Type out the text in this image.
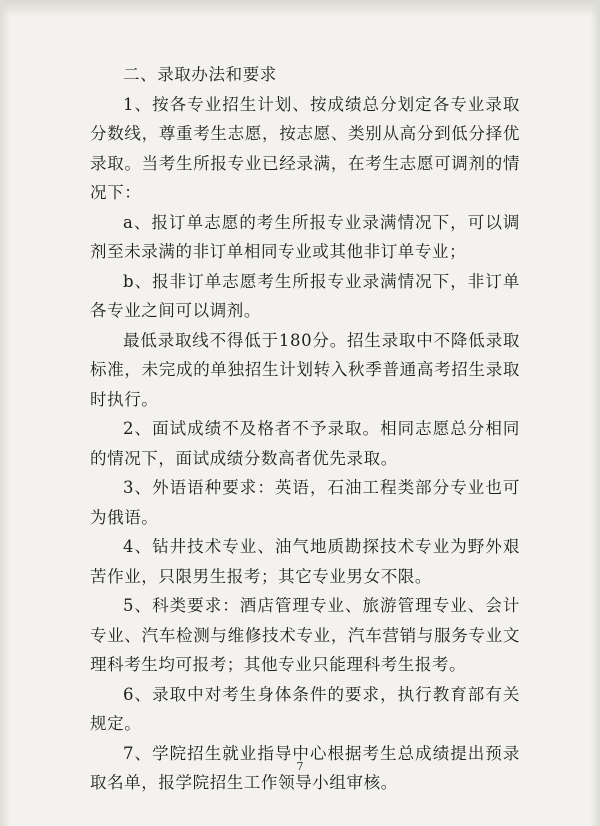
二、录取办法和要求

1、按各专业招生计划、按成绩总分划定各专业录取分数线，尊重考生志愿，按志愿、类别从高分到低分择优录取。当考生所报专业已经录满，在考生志愿可调剂的情况下：

a、报订单志愿的考生所报专业录满情况下，可以调剂至未录满的非订单相同专业或其他非订单专业；

b、报非订单志愿考生所报专业录满情况下，非订单各专业之间可以调剂。

最低录取线不得低于180分。招生录取中不降低录取标准，未完成的单独招生计划转入秋季普通高考招生录取时执行。

2、面试成绩不及格者不予录取。相同志愿总分相同的情况下，面试成绩分数高者优先录取。

3、外语语种要求：英语，石油工程类部分专业也可为俄语。

4、钻井技术专业、油气地质勘探技术专业为野外艰苦作业，只限男生报考；其它专业男女不限。

5、科类要求：酒店管理专业、旅游管理专业、会计专业、汽车检测与维修技术专业，汽车营销与服务专业文理科考生均可报考；其他专业只能理科考生报考。

6、录取中对考生身体条件的要求，执行教育部有关规定。

7、学院招生就业指导中心根据考生总成绩提出预录取名单，报学院招生工作领导小组审核。

7
